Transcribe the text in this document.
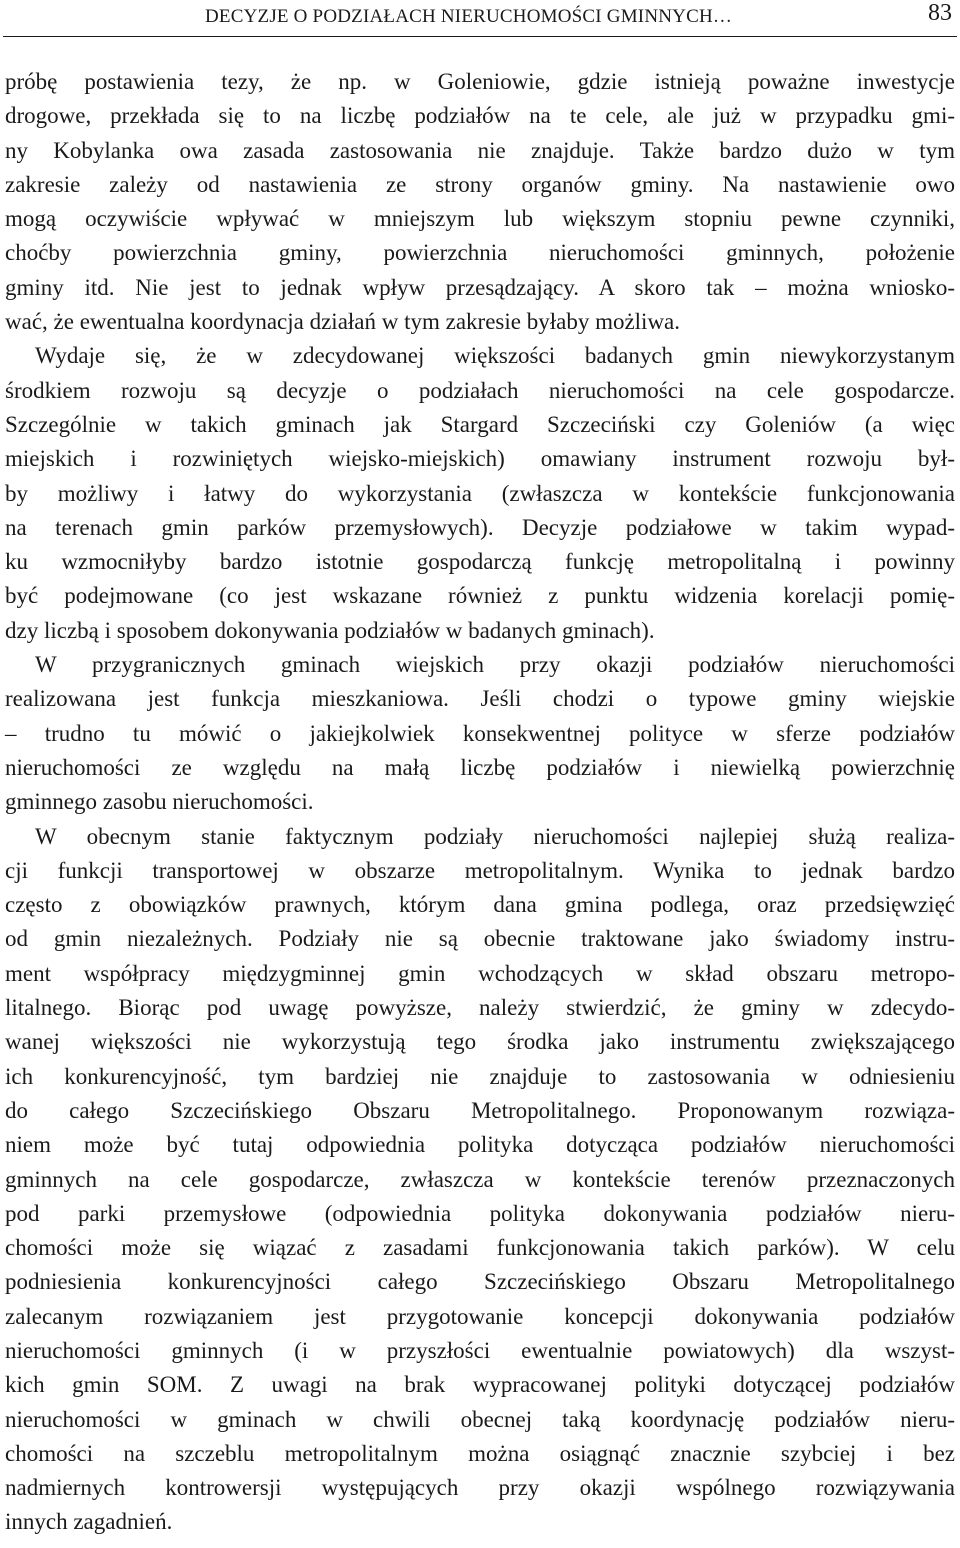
DECYZJE O PODZIAŁACH NIERUCHOMOŚCI GMINNYCH…	83
próbę postawienia tezy, że np. w Goleniowie, gdzie istnieją poważne inwestycje
drogowe, przekłada się to na liczbę podziałów na te cele, ale już w przypadku gmi-
ny Kobylanka owa zasada zastosowania nie znajduje. Także bardzo dużo w tym
zakresie zależy od nastawienia ze strony organów gminy. Na nastawienie owo
mogą oczywiście wpływać w mniejszym lub większym stopniu pewne czynniki,
choćby powierzchnia gminy, powierzchnia nieruchomości gminnych, położenie
gminy itd. Nie jest to jednak wpływ przesądzający. A skoro tak – można wniosko-
wać, że ewentualna koordynacja działań w tym zakresie byłaby możliwa.
Wydaje się, że w zdecydowanej większości badanych gmin niewykorzystanym
środkiem rozwoju są decyzje o podziałach nieruchomości na cele gospodarcze.
Szczególnie w takich gminach jak Stargard Szczeciński czy Goleniów (a więc
miejskich i rozwiniętych wiejsko-miejskich) omawiany instrument rozwoju był-
by możliwy i łatwy do wykorzystania (zwłaszcza w kontekście funkcjonowania
na terenach gmin parków przemysłowych). Decyzje podziałowe w takim wypad-
ku wzmocniłyby bardzo istotnie gospodarczą funkcję metropolitalną i powinny
być podejmowane (co jest wskazane również z punktu widzenia korelacji pomię-
dzy liczbą i sposobem dokonywania podziałów w badanych gminach).
W przygranicznych gminach wiejskich przy okazji podziałów nieruchomości
realizowana jest funkcja mieszkaniowa. Jeśli chodzi o typowe gminy wiejskie
– trudno tu mówić o jakiejkolwiek konsekwentnej polityce w sferze podziałów
nieruchomości ze względu na małą liczbę podziałów i niewielką powierzchnię
gminnego zasobu nieruchomości.
W obecnym stanie faktycznym podziały nieruchomości najlepiej służą realiza-
cji funkcji transportowej w obszarze metropolitalnym. Wynika to jednak bardzo
często z obowiązków prawnych, którym dana gmina podlega, oraz przedsięwzięć
od gmin niezależnych. Podziały nie są obecnie traktowane jako świadomy instru-
ment współpracy międzygminnej gmin wchodzących w skład obszaru metropo-
litalnego. Biorąc pod uwagę powyższe, należy stwierdzić, że gminy w zdecydo-
wanej większości nie wykorzystują tego środka jako instrumentu zwiększającego
ich konkurencyjność, tym bardziej nie znajduje to zastosowania w odniesieniu
do całego Szczecińskiego Obszaru Metropolitalnego. Proponowanym rozwiąza-
niem może być tutaj odpowiednia polityka dotycząca podziałów nieruchomości
gminnych na cele gospodarcze, zwłaszcza w kontekście terenów przeznaczonych
pod parki przemysłowe (odpowiednia polityka dokonywania podziałów nieru-
chomości może się wiązać z zasadami funkcjonowania takich parków). W celu
podniesienia konkurencyjności całego Szczecińskiego Obszaru Metropolitalnego
zalecanym rozwiązaniem jest przygotowanie koncepcji dokonywania podziałów
nieruchomości gminnych (i w przyszłości ewentualnie powiatowych) dla wszyst-
kich gmin SOM. Z uwagi na brak wypracowanej polityki dotyczącej podziałów
nieruchomości w gminach w chwili obecnej taką koordynację podziałów nieru-
chomości na szczeblu metropolitalnym można osiągnąć znacznie szybciej i bez
nadmiernych kontrowersji występujących przy okazji wspólnego rozwiązywania
innych zagadnień.
